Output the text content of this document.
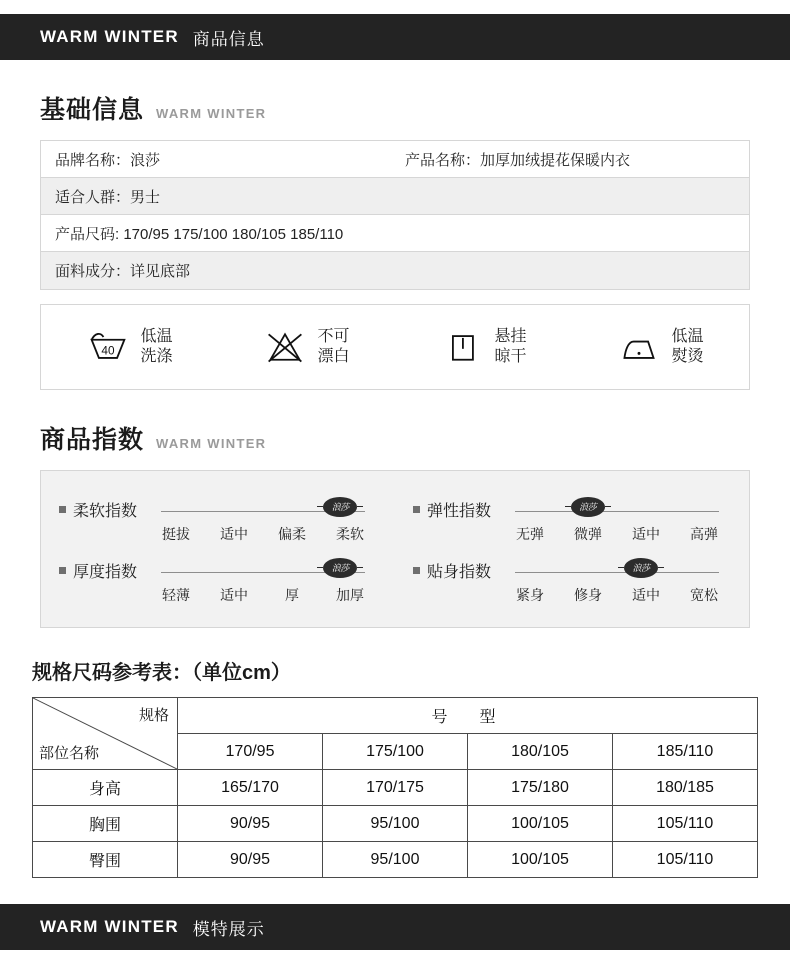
WARM WINTER 商品信息
基础信息 WARM WINTER
品牌名称：浪莎	产品名称：加厚加绒提花保暖内衣
适合人群：男士
产品尺码: 170/95 175/100 180/105 185/110
面料成分：详见底部
40
低温
洗涤
不可
漂白
悬挂
晾干
低温
熨烫
商品指数 WARM WINTER
柔软指数	浪莎
挺拔	适中	偏柔	柔软
弹性指数	浪莎
无弹	微弹	适中	高弹
厚度指数	浪莎
轻薄	适中	厚	加厚
贴身指数	浪莎
紧身	修身	适中	宽松
规格尺码参考表：（单位cm）
规格
部位名称	号　型			
	170/95	175/100	180/105	185/110
身高	165/170	170/175	175/180	180/185
胸围	90/95	95/100	100/105	105/110
臀围	90/95	95/100	100/105	105/110
WARM WINTER 模特展示
